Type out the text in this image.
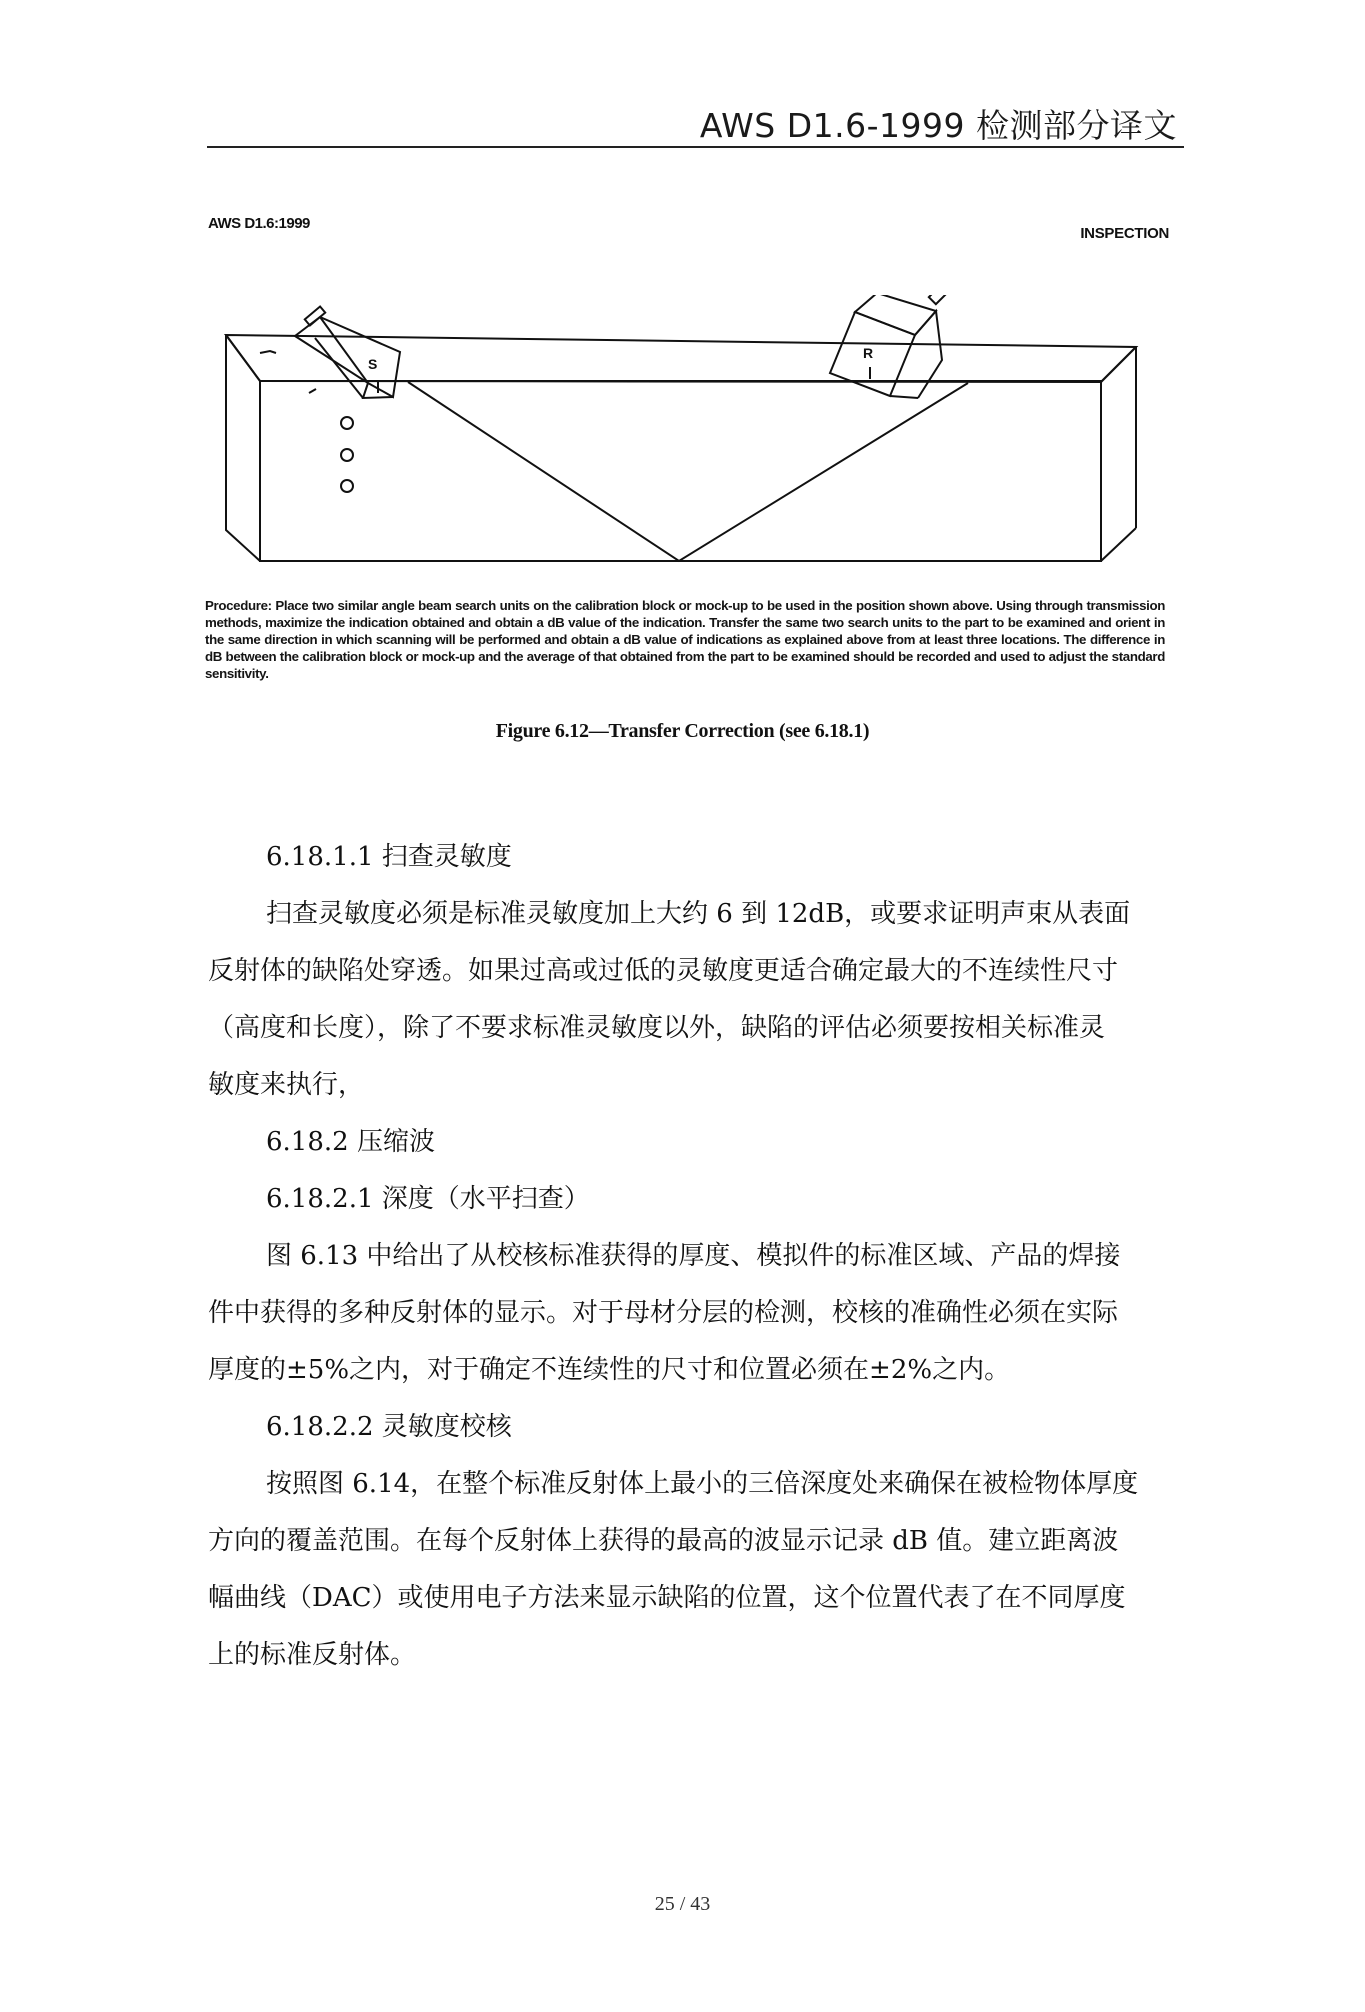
AWS D1.6-1999 检测部分译文
AWS D1.6:1999
INSPECTION
S
R
Procedure: Place two similar angle beam search units on the calibration block or mock-up to be used in the position shown above. Using through transmission methods, maximize the indication obtained and obtain a dB value of the indication. Transfer the same two search units to the part to be examined and orient in the same direction in which scanning will be performed and obtain a dB value of indications as explained above from at least three locations. The difference in dB between the calibration block or mock-up and the average of that obtained from the part to be examined should be recorded and used to adjust the standard sensitivity.
Figure 6.12—Transfer Correction (see 6.18.1)
6.18.1.1 扫查灵敏度
扫查灵敏度必须是标准灵敏度加上大约 6 到 12dB，或要求证明声束从表面
反射体的缺陷处穿透。如果过高或过低的灵敏度更适合确定最大的不连续性尺寸
（高度和长度），除了不要求标准灵敏度以外，缺陷的评估必须要按相关标准灵
敏度来执行，
6.18.2 压缩波
6.18.2.1 深度（水平扫查）
图 6.13 中给出了从校核标准获得的厚度、模拟件的标准区域、产品的焊接
件中获得的多种反射体的显示。对于母材分层的检测，校核的准确性必须在实际
厚度的±5%之内，对于确定不连续性的尺寸和位置必须在±2%之内。
6.18.2.2 灵敏度校核
按照图 6.14，在整个标准反射体上最小的三倍深度处来确保在被检物体厚度
方向的覆盖范围。在每个反射体上获得的最高的波显示记录 dB 值。建立距离波
幅曲线（DAC）或使用电子方法来显示缺陷的位置，这个位置代表了在不同厚度
上的标准反射体。
25 / 43
